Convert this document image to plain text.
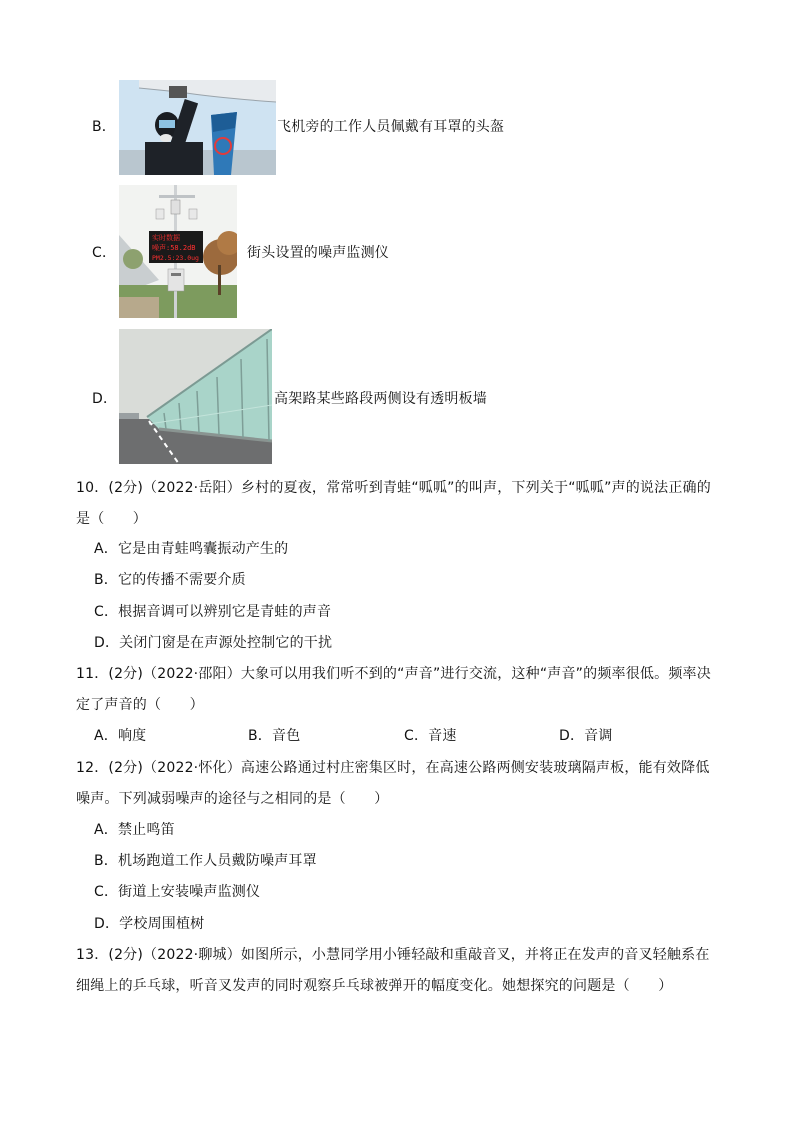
B．	飞机旁的工作人员佩戴有耳罩的头盔
C．
实时数据
噪声:58.2dB
PM2.5:23.0ug	街头设置的噪声监测仪
D．	高架路某些路段两侧设有透明板墙
10．(2分)（2022·岳阳）乡村的夏夜，常常听到青蛙“呱呱”的叫声，下列关于“呱呱”声的说法正确的
是（　　）
A．它是由青蛙鸣囊振动产生的
B．它的传播不需要介质
C．根据音调可以辨别它是青蛙的声音
D．关闭门窗是在声源处控制它的干扰
11．(2分)（2022·邵阳）大象可以用我们听不到的“声音”进行交流，这种“声音”的频率很低。频率决
定了声音的（　　）
A．响度	B．音色	C．音速	D．音调
12．(2分)（2022·怀化）高速公路通过村庄密集区时，在高速公路两侧安装玻璃隔声板，能有效降低
噪声。下列减弱噪声的途径与之相同的是（　　）
A．禁止鸣笛
B．机场跑道工作人员戴防噪声耳罩
C．街道上安装噪声监测仪
D．学校周围植树
13．(2分)（2022·聊城）如图所示，小慧同学用小锤轻敲和重敲音叉，并将正在发声的音叉轻触系在
细绳上的乒乓球，听音叉发声的同时观察乒乓球被弹开的幅度变化。她想探究的问题是（　　）
